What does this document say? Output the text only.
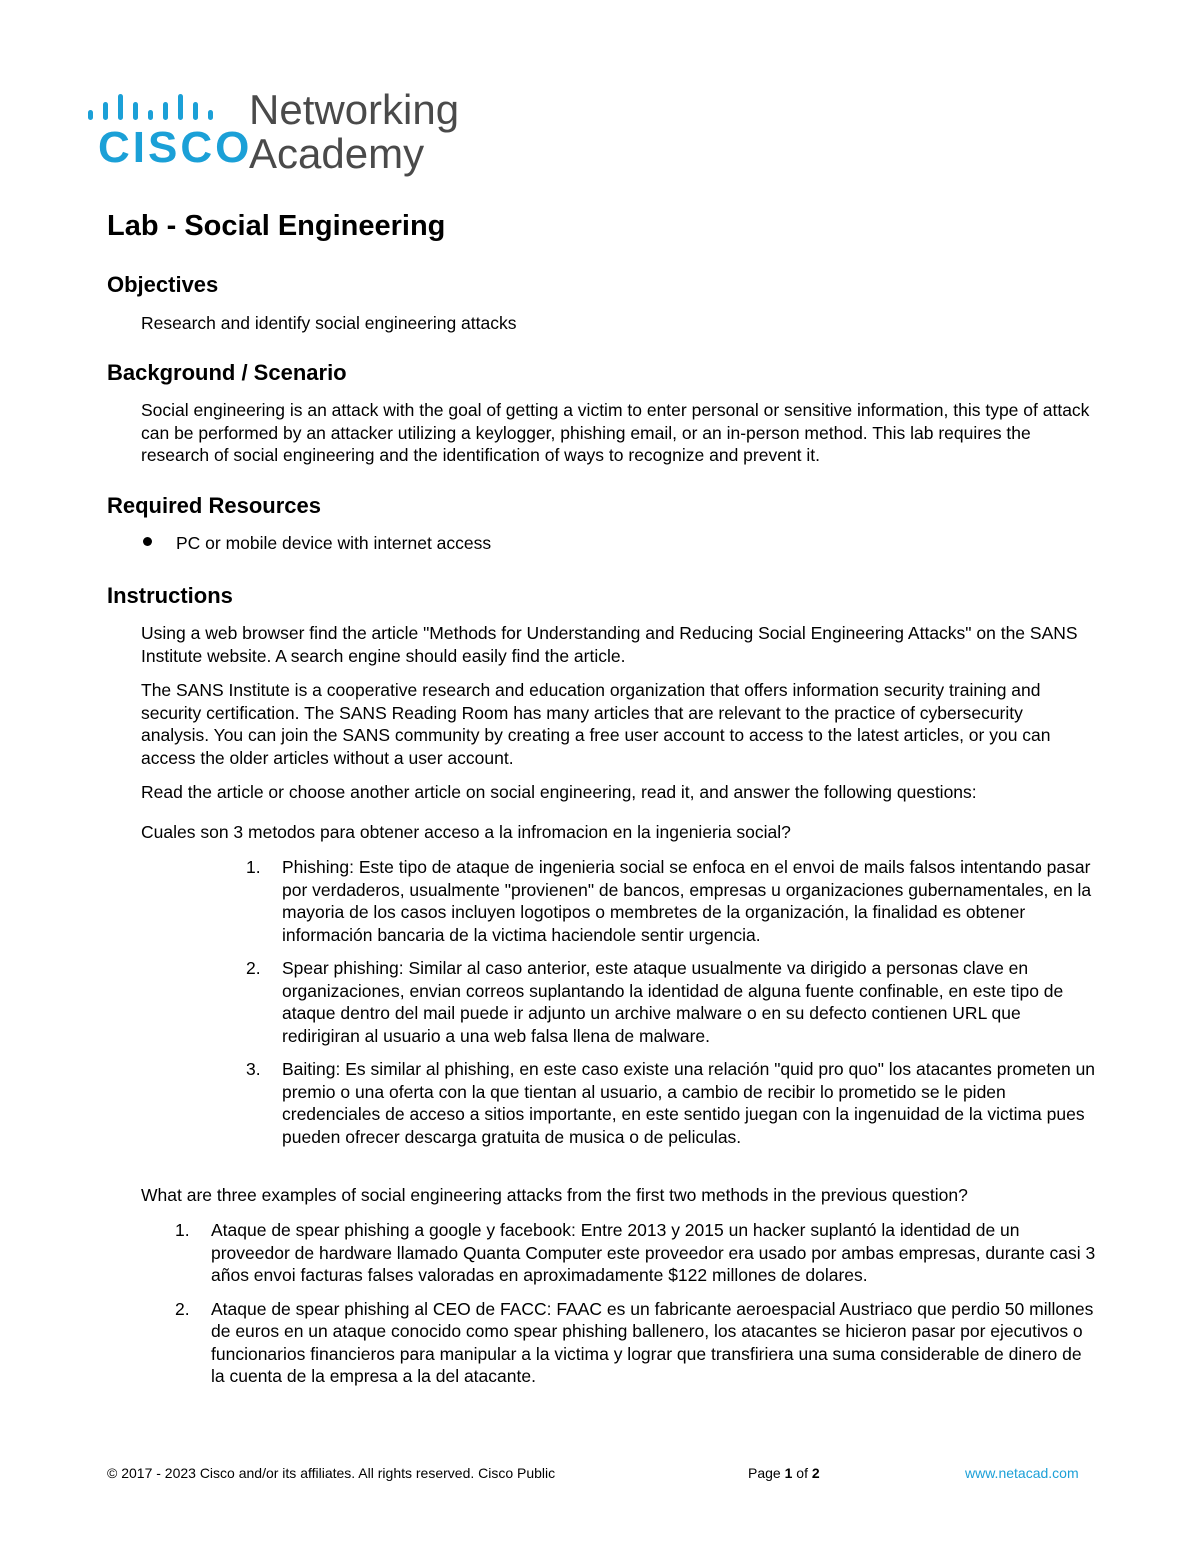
CISCO
Networking
Academy
Lab - Social Engineering
Objectives

Research and identify social engineering attacks

Background / Scenario

Social engineering is an attack with the goal of getting a victim to enter personal or sensitive information, this type of attack can be performed by an attacker utilizing a keylogger, phishing email, or an in-person method. This lab requires the research of social engineering and the identification of ways to recognize and prevent it.

Required Resources

PC or mobile device with internet access

Instructions

Using a web browser find the article "Methods for Understanding and Reducing Social Engineering Attacks" on the SANS Institute website. A search engine should easily find the article.

The SANS Institute is a cooperative research and education organization that offers information security training and security certification. The SANS Reading Room has many articles that are relevant to the practice of cybersecurity analysis. You can join the SANS community by creating a free user account to access to the latest articles, or you can access the older articles without a user account.

Read the article or choose another article on social engineering, read it, and answer the following questions:

Cuales son 3 metodos para obtener acceso a la infromacion en la ingenieria social?

1. Phishing: Este tipo de ataque de ingenieria social se enfoca en el envoi de mails falsos intentando pasar por verdaderos, usualmente "provienen" de bancos, empresas u organizaciones gubernamentales, en la mayoria de los casos incluyen logotipos o membretes de la organización, la finalidad es obtener información bancaria de la victima haciendole sentir urgencia.
2. Spear phishing: Similar al caso anterior, este ataque usualmente va dirigido a personas clave en organizaciones, envian correos suplantando la identidad de alguna fuente confinable, en este tipo de ataque dentro del mail puede ir adjunto un archive malware o en su defecto contienen URL que redirigiran al usuario a una web falsa llena de malware.
3. Baiting: Es similar al phishing, en este caso existe una relación "quid pro quo" los atacantes prometen un premio o una oferta con la que tientan al usuario, a cambio de recibir lo prometido se le piden credenciales de acceso a sitios importante, en este sentido juegan con la ingenuidad de la victima pues pueden ofrecer descarga gratuita de musica o de peliculas.

What are three examples of social engineering attacks from the first two methods in the previous question?

1. Ataque de spear phishing a google y facebook: Entre 2013 y 2015 un hacker suplantó la identidad de un proveedor de hardware llamado Quanta Computer este proveedor era usado por ambas empresas, durante casi 3 años envoi facturas falses valoradas en aproximadamente $122 millones de dolares.
2. Ataque de spear phishing al CEO de FACC: FAAC es un fabricante aeroespacial Austriaco que perdio 50 millones de euros en un ataque conocido como spear phishing ballenero, los atacantes se hicieron pasar por ejecutivos o funcionarios financieros para manipular a la victima y lograr que transfiriera una suma considerable de dinero de la cuenta de la empresa a la del atacante.
© 2017 - 2023 Cisco and/or its affiliates. All rights reserved. Cisco Public	Page 1 of 2	www.netacad.com
